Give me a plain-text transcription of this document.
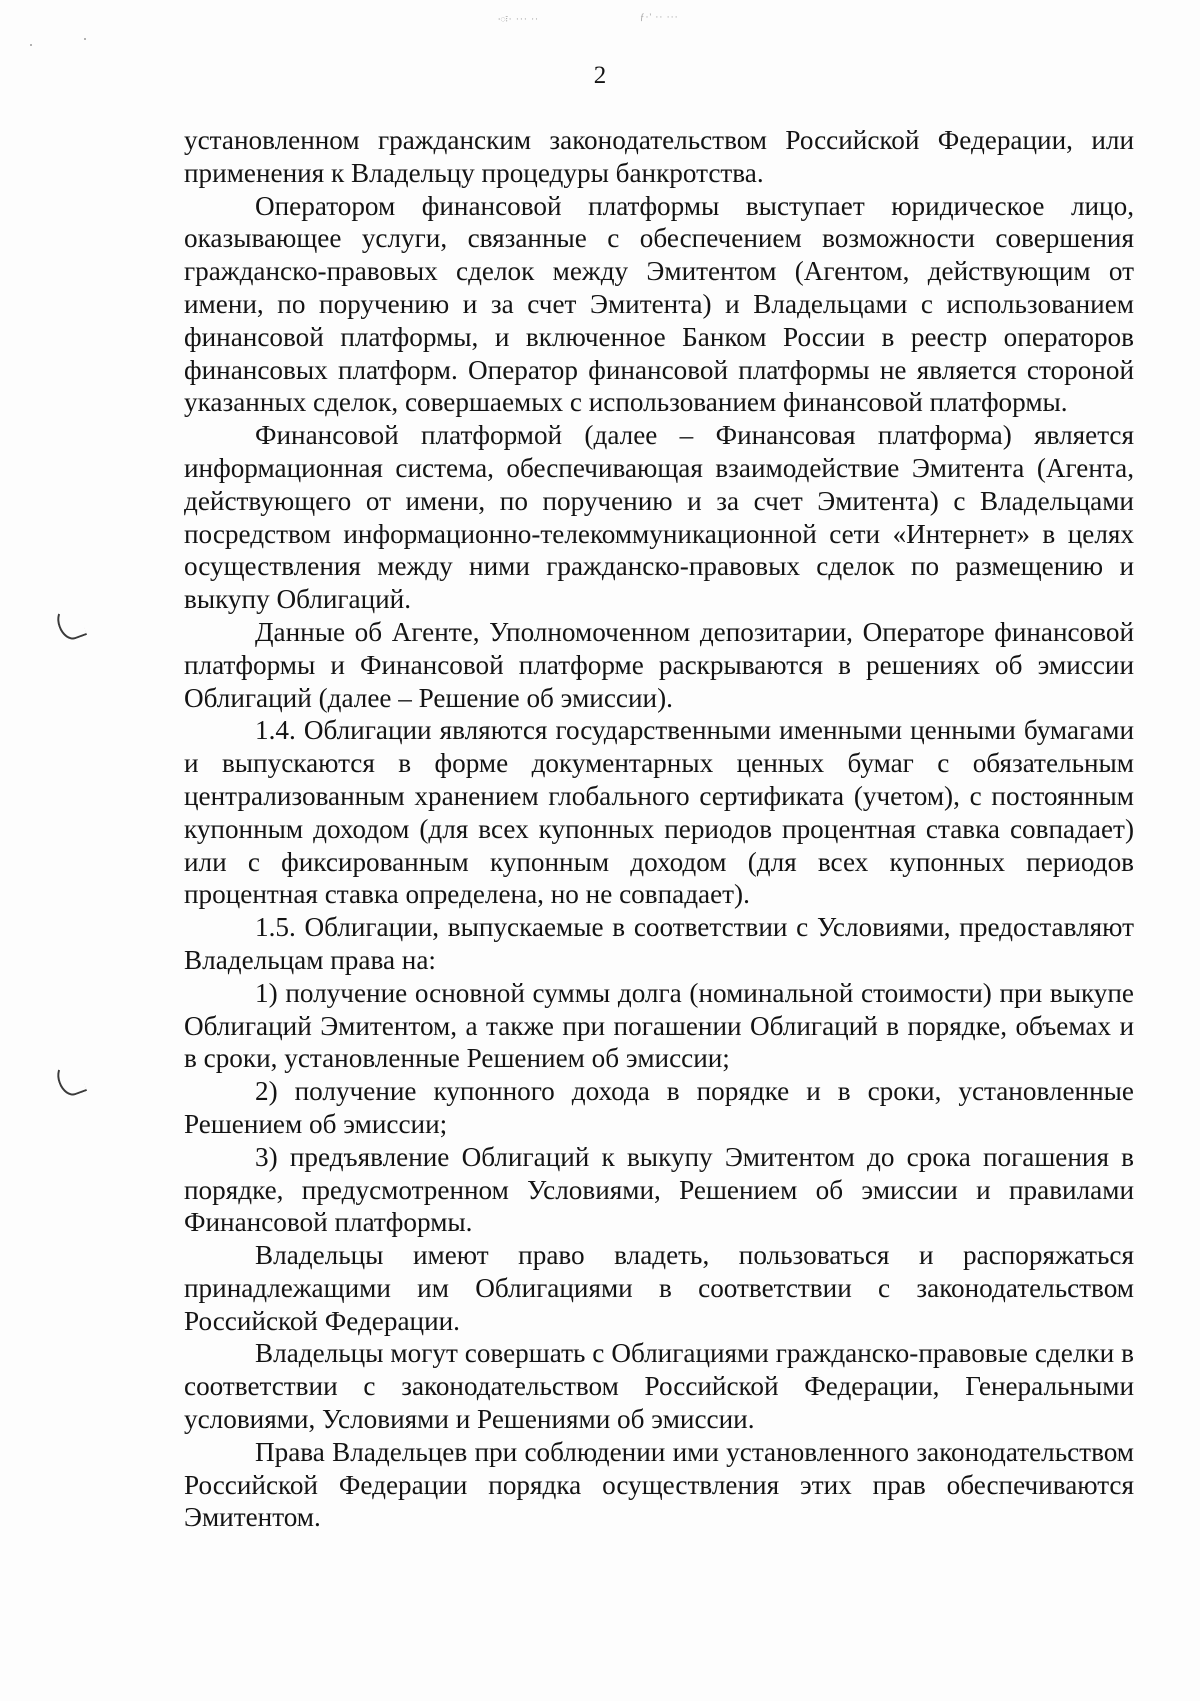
·ः· ··· ··	ƒ·' ·· ···
2

установленном гражданским законодательством Российской Федерации, или применения к Владельцу процедуры банкротства.

Оператором финансовой платформы выступает юридическое лицо, оказывающее услуги, связанные с обеспечением возможности совершения гражданско-правовых сделок между Эмитентом (Агентом, действующим от имени, по поручению и за счет Эмитента) и Владельцами с использованием финансовой платформы, и включенное Банком России в реестр операторов финансовых платформ. Оператор финансовой платформы не является стороной указанных сделок, совершаемых с использованием финансовой платформы.

Финансовой платформой (далее – Финансовая платформа) является информационная система, обеспечивающая взаимодействие Эмитента (Агента, действующего от имени, по поручению и за счет Эмитента) с Владельцами посредством информационно-телекоммуникационной сети «Интернет» в целях осуществления между ними гражданско-правовых сделок по размещению и выкупу Облигаций.

Данные об Агенте, Уполномоченном депозитарии, Операторе финансовой платформы и Финансовой платформе раскрываются в решениях об эмиссии Облигаций (далее – Решение об эмиссии).

1.4. Облигации являются государственными именными ценными бумагами и выпускаются в форме документарных ценных бумаг с обязательным централизованным хранением глобального сертификата (учетом), с постоянным купонным доходом (для всех купонных периодов процентная ставка совпадает) или с фиксированным купонным доходом (для всех купонных периодов процентная ставка определена, но не совпадает).

1.5. Облигации, выпускаемые в соответствии с Условиями, предоставляют Владельцам права на:

1) получение основной суммы долга (номинальной стоимости) при выкупе Облигаций Эмитентом, а также при погашении Облигаций в порядке, объемах и в сроки, установленные Решением об эмиссии;

2) получение купонного дохода в порядке и в сроки, установленные Решением об эмиссии;

3) предъявление Облигаций к выкупу Эмитентом до срока погашения в порядке, предусмотренном Условиями, Решением об эмиссии и правилами Финансовой платформы.

Владельцы имеют право владеть, пользоваться и распоряжаться принадлежащими им Облигациями в соответствии с законодательством Российской Федерации.

Владельцы могут совершать с Облигациями гражданско-правовые сделки в соответствии с законодательством Российской Федерации, Генеральными условиями, Условиями и Решениями об эмиссии.

Права Владельцев при соблюдении ими установленного законодательством Российской Федерации порядка осуществления этих прав обеспечиваются Эмитентом.
